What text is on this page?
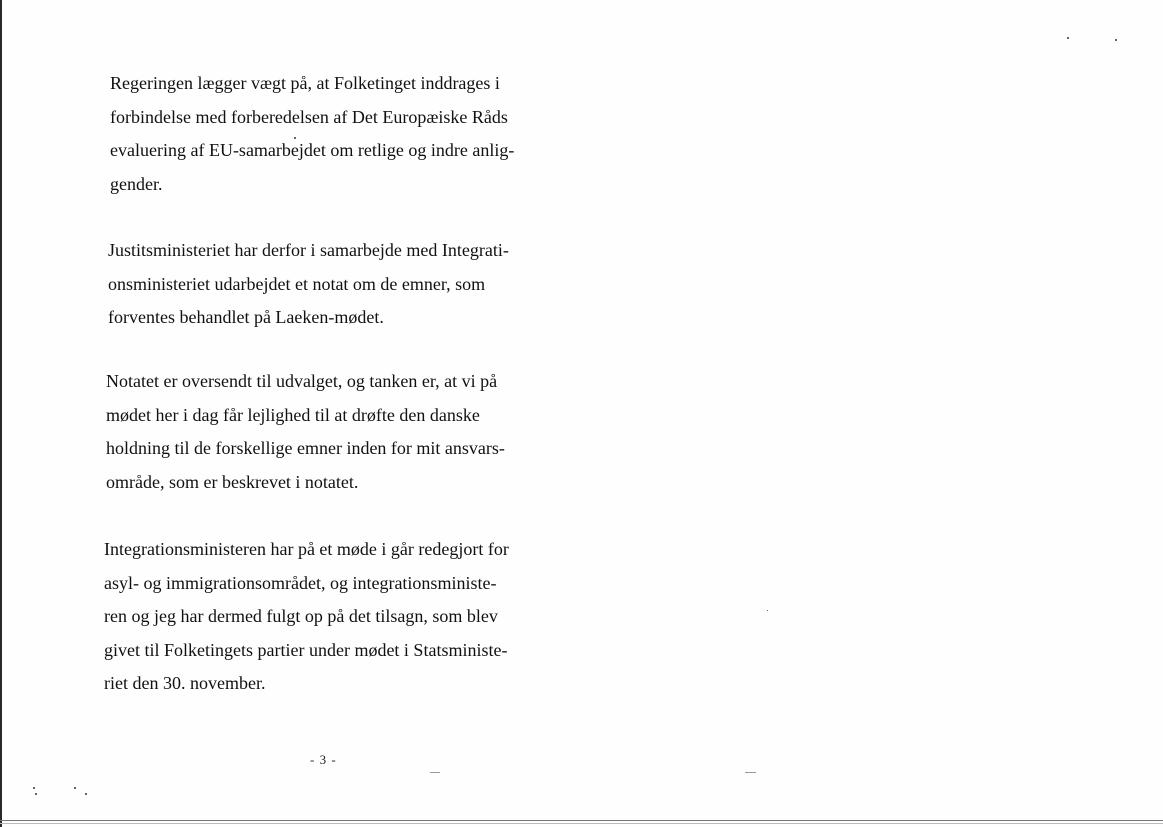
Regeringen lægger vægt på, at Folketinget inddrages i
forbindelse med forberedelsen af Det Europæiske Råds
evaluering af EU-samarbejdet om retlige og indre anlig-
gender.
Justitsministeriet har derfor i samarbejde med Integrati-
onsministeriet udarbejdet et notat om de emner, som
forventes behandlet på Laeken-mødet.
Notatet er oversendt til udvalget, og tanken er, at vi på
mødet her i dag får lejlighed til at drøfte den danske
holdning til de forskellige emner inden for mit ansvars-
område, som er beskrevet i notatet.
Integrationsministeren har på et møde i går redegjort for
asyl- og immigrationsområdet, og integrationsministe-
ren og jeg har dermed fulgt op på det tilsagn, som blev
givet til Folketingets partier under mødet i Statsministe-
riet den 30. november.
- 3 -
